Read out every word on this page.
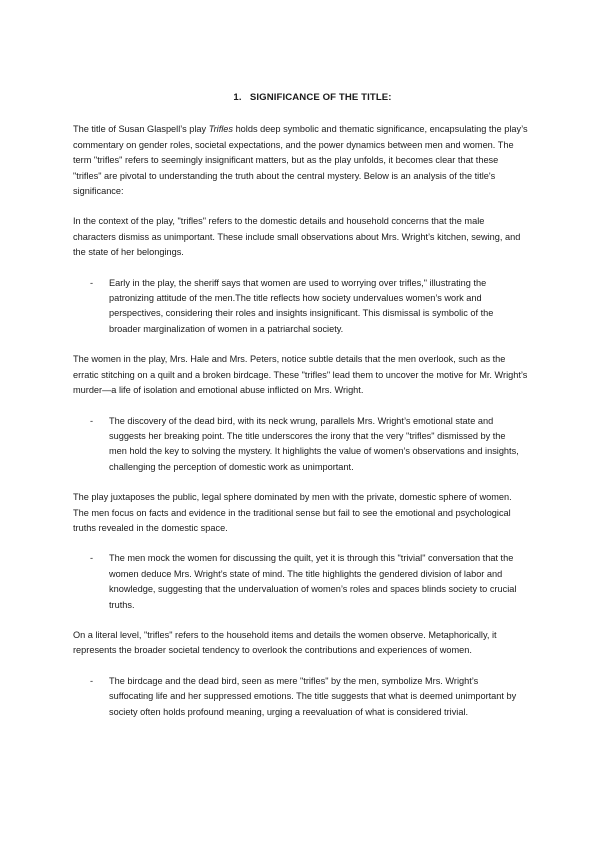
1. SIGNIFICANCE OF THE TITLE:

The title of Susan Glaspell’s play Trifles holds deep symbolic and thematic significance, encapsulating the play’s commentary on gender roles, societal expectations, and the power dynamics between men and women. The term "trifles" refers to seemingly insignificant matters, but as the play unfolds, it becomes clear that these "trifles" are pivotal to understanding the truth about the central mystery. Below is an analysis of the title's significance:

In the context of the play, "trifles" refers to the domestic details and household concerns that the male characters dismiss as unimportant. These include small observations about Mrs. Wright’s kitchen, sewing, and the state of her belongings.

-	Early in the play, the sheriff says that women are used to worrying over trifles," illustrating the patronizing attitude of the men.The title reflects how society undervalues women’s work and perspectives, considering their roles and insights insignificant. This dismissal is symbolic of the broader marginalization of women in a patriarchal society.

The women in the play, Mrs. Hale and Mrs. Peters, notice subtle details that the men overlook, such as the erratic stitching on a quilt and a broken birdcage. These "trifles" lead them to uncover the motive for Mr. Wright’s murder—a life of isolation and emotional abuse inflicted on Mrs. Wright.

-	The discovery of the dead bird, with its neck wrung, parallels Mrs. Wright’s emotional state and suggests her breaking point. The title underscores the irony that the very "trifles" dismissed by the men hold the key to solving the mystery. It highlights the value of women’s observations and insights, challenging the perception of domestic work as unimportant.

The play juxtaposes the public, legal sphere dominated by men with the private, domestic sphere of women. The men focus on facts and evidence in the traditional sense but fail to see the emotional and psychological truths revealed in the domestic space.

-	The men mock the women for discussing the quilt, yet it is through this "trivial" conversation that the women deduce Mrs. Wright’s state of mind. The title highlights the gendered division of labor and knowledge, suggesting that the undervaluation of women’s roles and spaces blinds society to crucial truths.

On a literal level, "trifles" refers to the household items and details the women observe. Metaphorically, it represents the broader societal tendency to overlook the contributions and experiences of women.

-	The birdcage and the dead bird, seen as mere "trifles" by the men, symbolize Mrs. Wright’s suffocating life and her suppressed emotions. The title suggests that what is deemed unimportant by society often holds profound meaning, urging a reevaluation of what is considered trivial.
